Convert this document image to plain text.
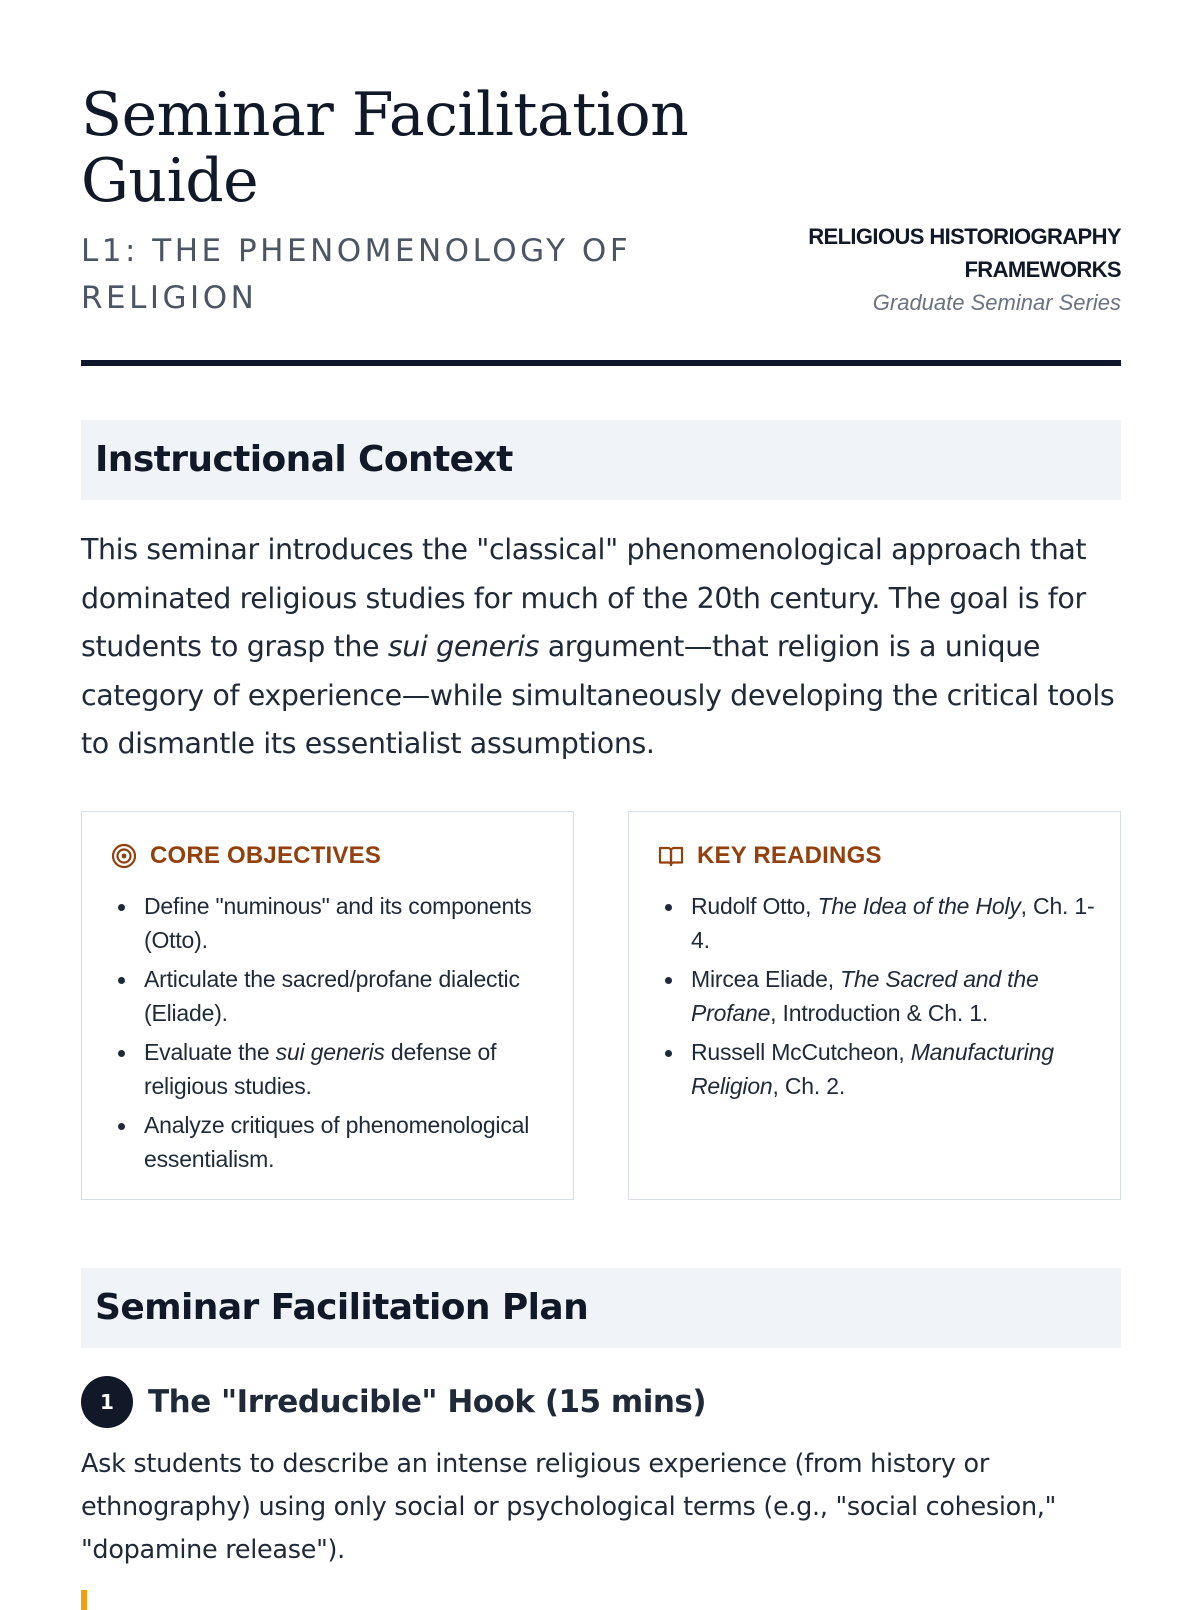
Seminar Facilitation Guide
L1: THE PHENOMENOLOGY OF RELIGION
RELIGIOUS HISTORIOGRAPHY FRAMEWORKS
Graduate Seminar Series
Instructional Context

This seminar introduces the "classical" phenomenological approach that dominated religious studies for much of the 20th century. The goal is for students to grasp the sui generis argument—that religion is a unique category of experience—while simultaneously developing the critical tools to dismantle its essentialist assumptions.

CORE OBJECTIVES
Define "numinous" and its components (Otto).
Articulate the sacred/profane dialectic (Eliade).
Evaluate the sui generis defense of religious studies.
Analyze critiques of phenomenological essentialism.
KEY READINGS
Rudolf Otto, The Idea of the Holy, Ch. 1-4.
Mircea Eliade, The Sacred and the Profane, Introduction & Ch. 1.
Russell McCutcheon, Manufacturing Religion, Ch. 2.
Seminar Facilitation Plan
1	The "Irreducible" Hook (15 mins)

Ask students to describe an intense religious experience (from history or ethnography) using only social or psychological terms (e.g., "social cohesion," "dopamine release").
